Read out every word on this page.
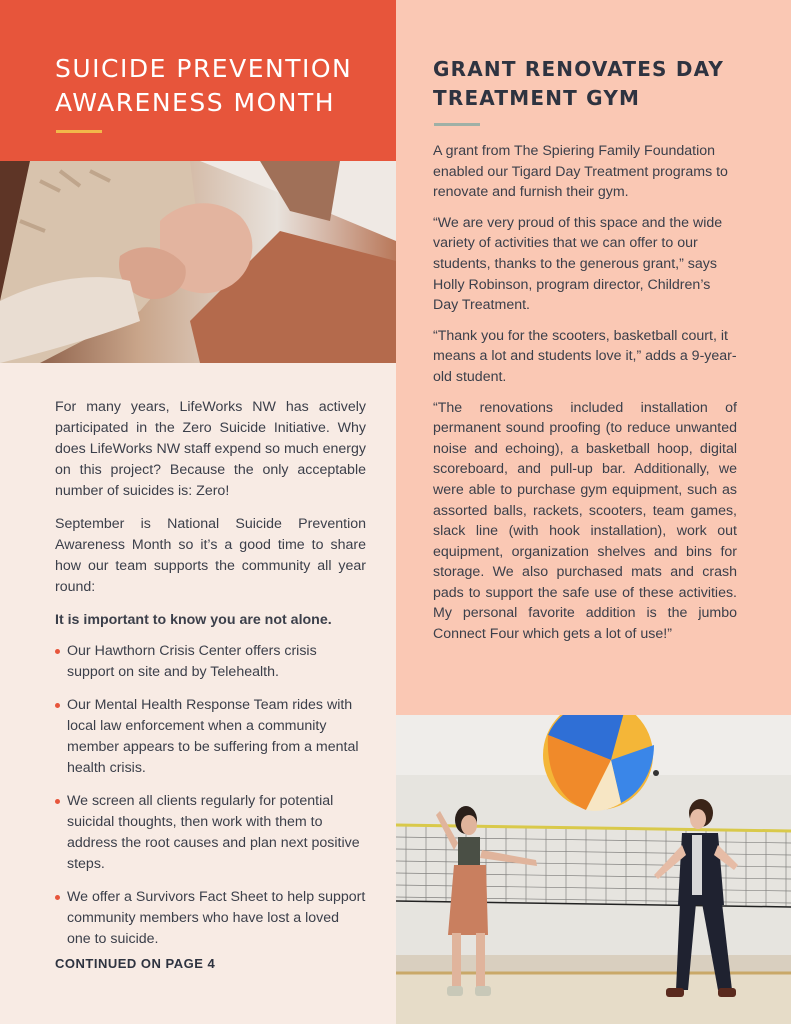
SUICIDE PREVENTION
AWARENESS MONTH

For many years, LifeWorks NW has actively participated in the Zero Suicide Initiative. Why does LifeWorks NW staff expend so much energy on this project? Because the only acceptable number of suicides is: Zero!

September is National Suicide Prevention Awareness Month so it’s a good time to share how our team supports the community all year round:

It is important to know you are not alone.

Our Hawthorn Crisis Center offers crisis support on site and by Telehealth.
Our Mental Health Response Team rides with local law enforcement when a community member appears to be suffering from a mental health crisis.
We screen all clients regularly for potential suicidal thoughts, then work with them to address the root causes and plan next positive steps.
We offer a Survivors Fact Sheet to help support community members who have lost a loved one to suicide.
CONTINUED ON PAGE 4
GRANT RENOVATES DAY
TREATMENT GYM

A grant from The Spiering Family Foundation enabled our Tigard Day Treatment programs to renovate and furnish their gym.

“We are very proud of this space and the wide variety of activities that we can offer to our students, thanks to the generous grant,” says Holly Robinson, program director, Children’s Day Treatment.

“Thank you for the scooters, basketball court, it means a lot and students love it,” adds a 9-year-old student.

“The renovations included installation of permanent sound proofing (to reduce unwanted noise and echoing), a basketball hoop, digital scoreboard, and pull-up bar. Additionally, we were able to purchase gym equipment, such as assorted balls, rackets, scooters, team games, slack line (with hook installation), work out equipment, organization shelves and bins for storage. We also purchased mats and crash pads to support the safe use of these activities. My personal favorite addition is the jumbo Connect Four which gets a lot of use!”
